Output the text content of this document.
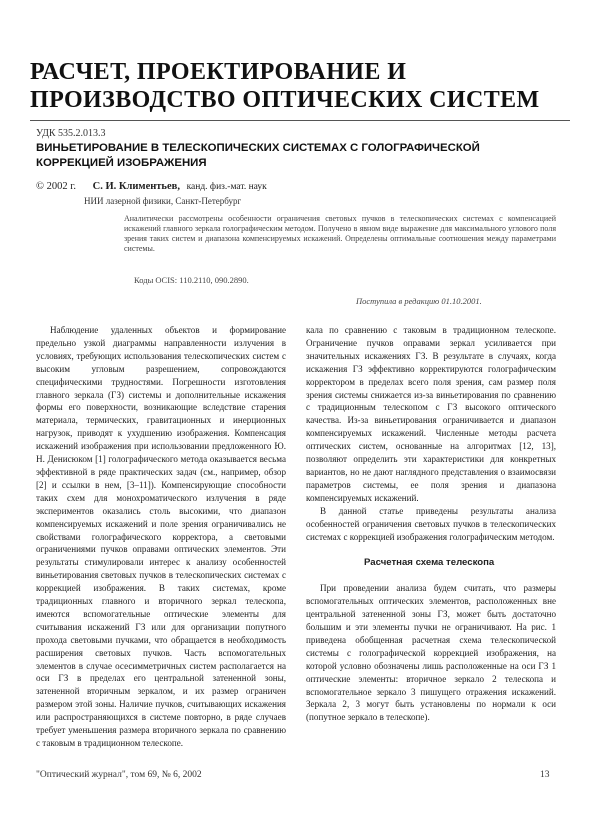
РАСЧЕТ, ПРОЕКТИРОВАНИЕ И ПРОИЗВОДСТВО ОПТИЧЕСКИХ СИСТЕМ
УДК 535.2.013.3
ВИНЬЕТИРОВАНИЕ В ТЕЛЕСКОПИЧЕСКИХ СИСТЕМАХ С ГОЛОГРАФИЧЕСКОЙ КОРРЕКЦИЕЙ ИЗОБРАЖЕНИЯ
© 2002 г. С. И. Климентьев, канд. физ.-мат. наук
НИИ лазерной физики, Санкт-Петербург
Аналитически рассмотрены особенности ограничения световых пучков в телескопических системах с компенсацией искажений главного зеркала голографическим методом. Получено в явном виде выражение для максимального углового поля зрения таких систем и диапазона компенсируемых искажений. Определены оптимальные соотношения между параметрами системы.
Коды OCIS: 110.2110, 090.2890.
Поступила в редакцию 01.10.2001.

Наблюдение удаленных объектов и формирование предельно узкой диаграммы направленности излучения в условиях, требующих использования телескопических систем с высоким угловым разрешением, сопровождаются специфическими трудностями. Погрешности изготовления главного зеркала (ГЗ) системы и дополнительные искажения формы его поверхности, возникающие вследствие старения материала, термических, гравитационных и инерционных нагрузок, приводят к ухудшению изображения. Компенсация искажений изображения при использовании предложенного Ю. Н. Денисюком [1] голографического метода оказывается весьма эффективной в ряде практических задач (см., например, обзор [2] и ссылки в нем, [3–11]). Компенсирующие способности таких схем для монохроматического излучения в ряде экспериментов оказались столь высокими, что диапазон компенсируемых искажений и поле зрения ограничивались не свойствами голографического корректора, а световыми ограничениями пучков оправами оптических элементов. Эти результаты стимулировали интерес к анализу особенностей виньетирования световых пучков в телескопических системах с коррекцией изображения. В таких системах, кроме традиционных главного и вторичного зеркал телескопа, имеются вспомогательные оптические элементы для считывания искажений ГЗ или для организации попутного прохода световыми пучками, что обращается в необходимость расширения световых пучков. Часть вспомогательных элементов в случае осесимметричных систем располагается на оси ГЗ в пределах его центральной затененной зоны, затененной вторичным зеркалом, и их размер ограничен размером этой зоны. Наличие пучков, считывающих искажения или распространяющихся в системе повторно, в ряде случаев требует уменьшения размера вторичного зеркала по сравнению с таковым в традиционном телескопе.

кала по сравнению с таковым в традиционном телескопе. Ограничение пучков оправами зеркал усиливается при значительных искажениях ГЗ. В результате в случаях, когда искажения ГЗ эффективно корректируются голографическим корректором в пределах всего поля зрения, сам размер поля зрения системы снижается из-за виньетирования по сравнению с традиционным телескопом с ГЗ высокого оптического качества. Из-за виньетирования ограничивается и диапазон компенсируемых искажений. Численные методы расчета оптических систем, основанные на алгоритмах [12, 13], позволяют определить эти характеристики для конкретных вариантов, но не дают наглядного представления о взаимосвязи параметров системы, ее поля зрения и диапазона компенсируемых искажений.

В данной статье приведены результаты анализа особенностей ограничения световых пучков в телескопических системах с коррекцией изображения голографическим методом.

Расчетная схема телескопа

При проведении анализа будем считать, что размеры вспомогательных оптических элементов, расположенных вне центральной затененной зоны ГЗ, может быть достаточно большим и эти элементы пучки не ограничивают. На рис. 1 приведена обобщенная расчетная схема телескопической системы с голографической коррекцией изображения, на которой условно обозначены лишь расположенные на оси ГЗ 1 оптические элементы: вторичное зеркало 2 телескопа и вспомогательное зеркало 3 пишущего отражения искажений. Зеркала 2, 3 могут быть установлены по нормали к оси (попутное зеркало в телескопе).

"Оптический журнал", том 69, № 6, 2002	13
